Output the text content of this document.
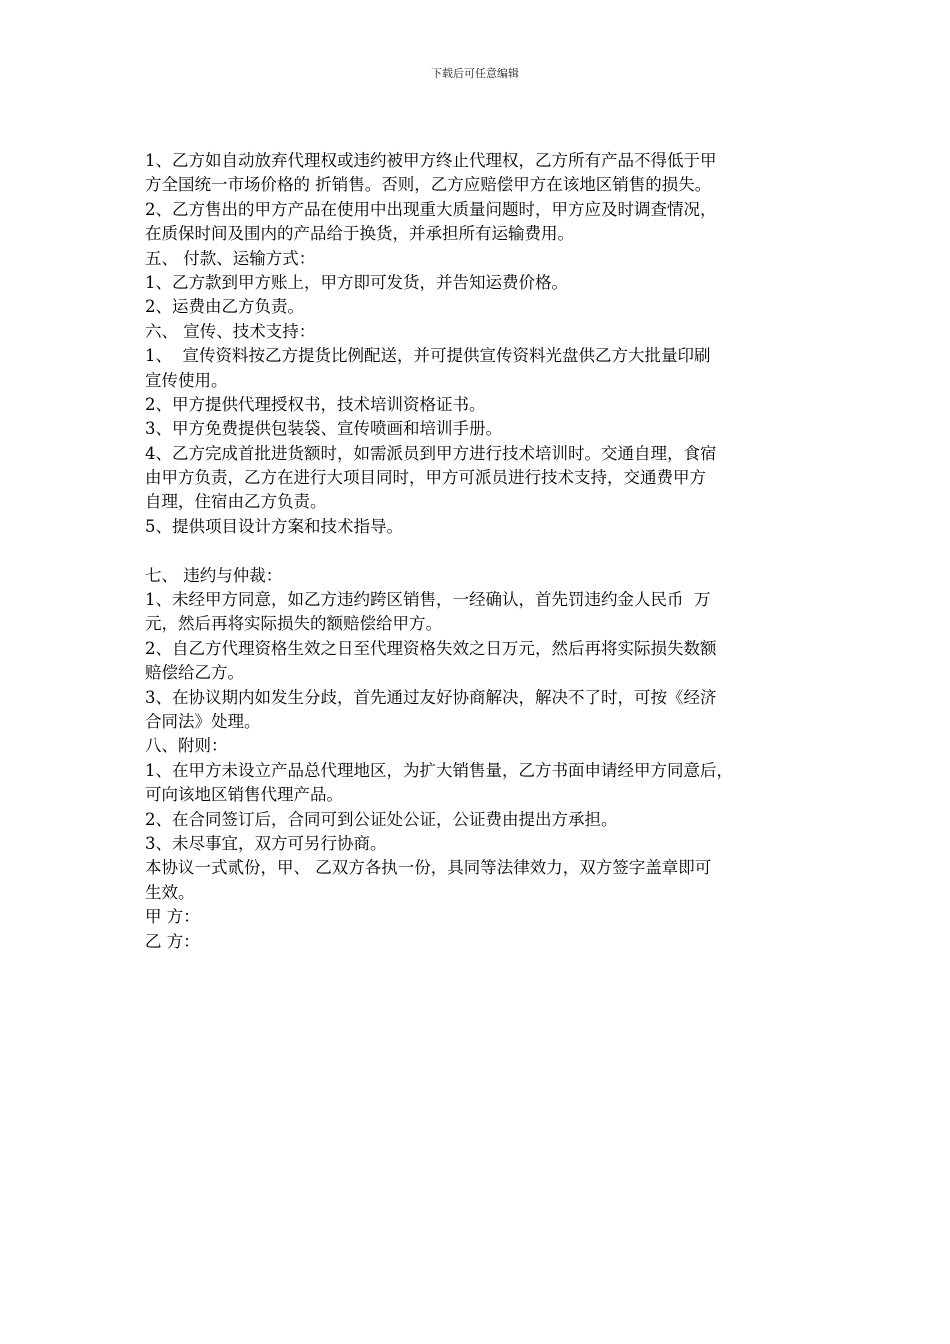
下载后可任意编辑
1、乙方如自动放弃代理权或违约被甲方终止代理权，乙方所有产品不得低于甲
方全国统一市场价格的 折销售。否则，乙方应赔偿甲方在该地区销售的损失。
2、乙方售出的甲方产品在使用中出现重大质量问题时，甲方应及时调查情况，
在质保时间及围内的产品给于换货，并承担所有运输费用。
五、 付款、运输方式：
1、乙方款到甲方账上，甲方即可发货，并告知运费价格。
2、运费由乙方负责。
六、 宣传、技术支持：
1、  宣传资料按乙方提货比例配送，并可提供宣传资料光盘供乙方大批量印刷
宣传使用。
2、甲方提供代理授权书，技术培训资格证书。
3、甲方免费提供包装袋、宣传喷画和培训手册。
4、乙方完成首批进货额时，如需派员到甲方进行技术培训时。交通自理，食宿
由甲方负责，乙方在进行大项目同时，甲方可派员进行技术支持，交通费甲方
自理，住宿由乙方负责。
5、提供项目设计方案和技术指导。
七、 违约与仲裁：
1、未经甲方同意，如乙方违约跨区销售，一经确认，首先罚违约金人民币  万
元，然后再将实际损失的额赔偿给甲方。
2、自乙方代理资格生效之日至代理资格失效之日万元，然后再将实际损失数额
赔偿给乙方。
3、在协议期内如发生分歧，首先通过友好协商解决，解决不了时，可按《经济
合同法》处理。
八、附则：
1、在甲方未设立产品总代理地区，为扩大销售量，乙方书面申请经甲方同意后，
可向该地区销售代理产品。
2、在合同签订后，合同可到公证处公证，公证费由提出方承担。
3、未尽事宜，双方可另行协商。
本协议一式贰份，甲、 乙双方各执一份，具同等法律效力，双方签字盖章即可
生效。
甲 方：
乙 方：
